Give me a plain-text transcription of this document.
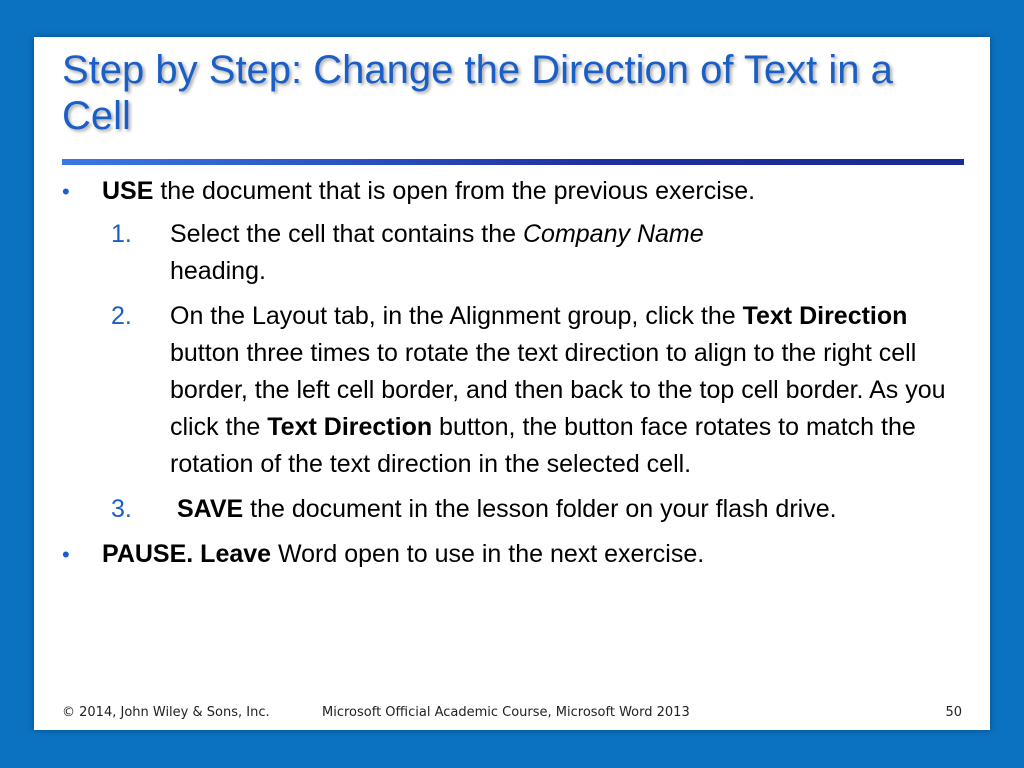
Step by Step: Change the Direction of Text in a Cell
• USE the document that is open from the previous exercise.
1. Select the cell that contains the Company Name
heading.
2. On the Layout tab, in the Alignment group, click the Text Direction button three times to rotate the text direction to align to the right cell border, the left cell border, and then back to the top cell border. As you click the Text Direction button, the button face rotates to match the rotation of the text direction in the selected cell.
3. SAVE the document in the lesson folder on your flash drive.
• PAUSE. Leave Word open to use in the next exercise.
© 2014, John Wiley & Sons, Inc.	Microsoft Official Academic Course, Microsoft Word 2013	50
